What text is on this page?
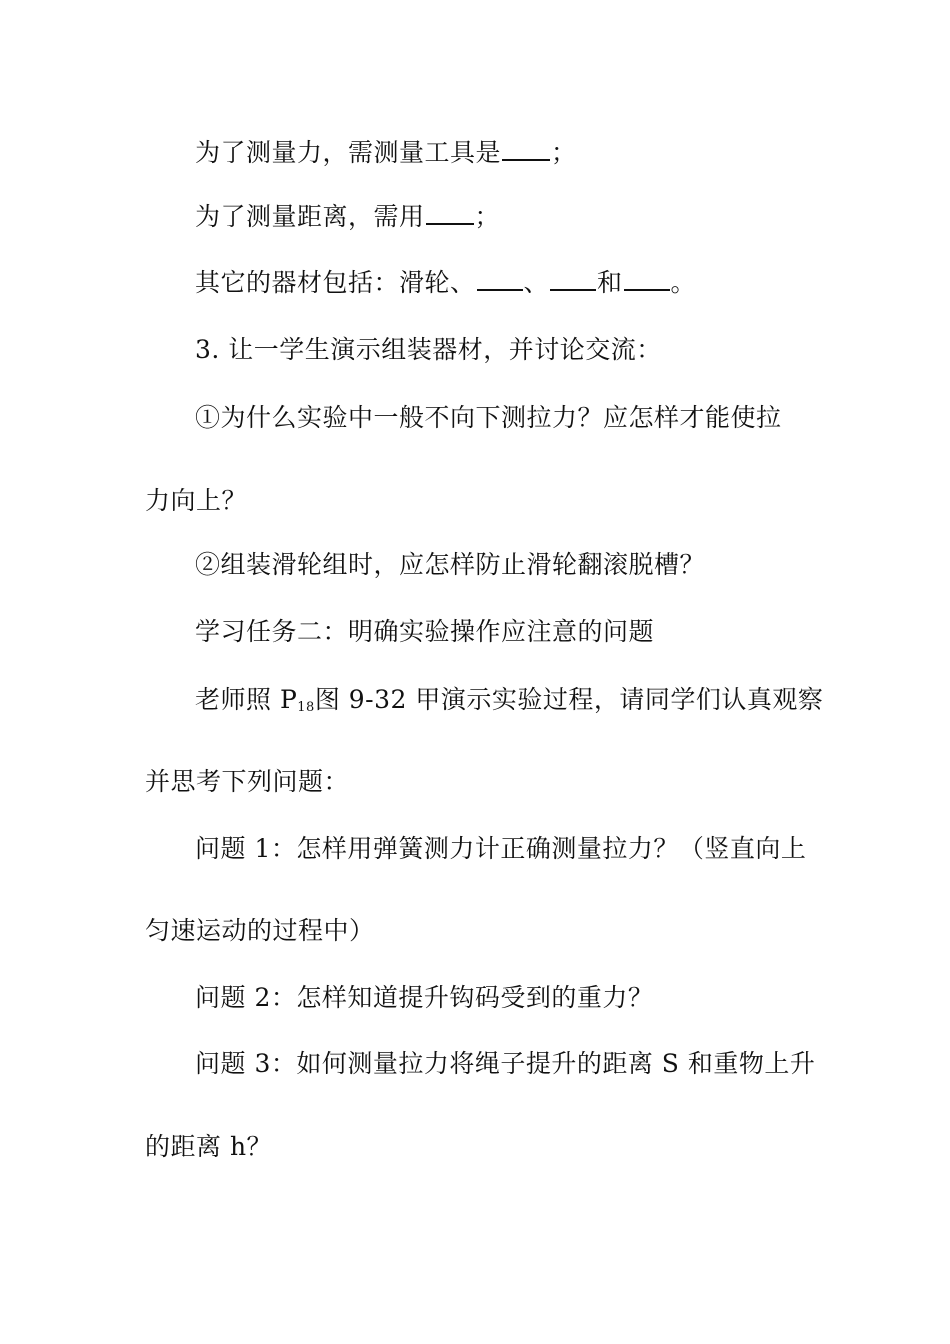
为了测量力，需测量工具是 ；
为了测量距离，需用 ；
其它的器材包括：滑轮、 、 和 。
3. 让一学生演示组装器材，并讨论交流：
①为什么实验中一般不向下测拉力？应怎样才能使拉
力向上？
②组装滑轮组时，应怎样防止滑轮翻滚脱槽？
学习任务二：明确实验操作应注意的问题
老师照 $P_{18}$图 9-32 甲演示实验过程，请同学们认真观察
并思考下列问题：
问题 1：怎样用弹簧测力计正确测量拉力？（竖直向上
匀速运动的过程中）
问题 2：怎样知道提升钩码受到的重力？
问题 3：如何测量拉力将绳子提升的距离 S 和重物上升
的距离 h？
